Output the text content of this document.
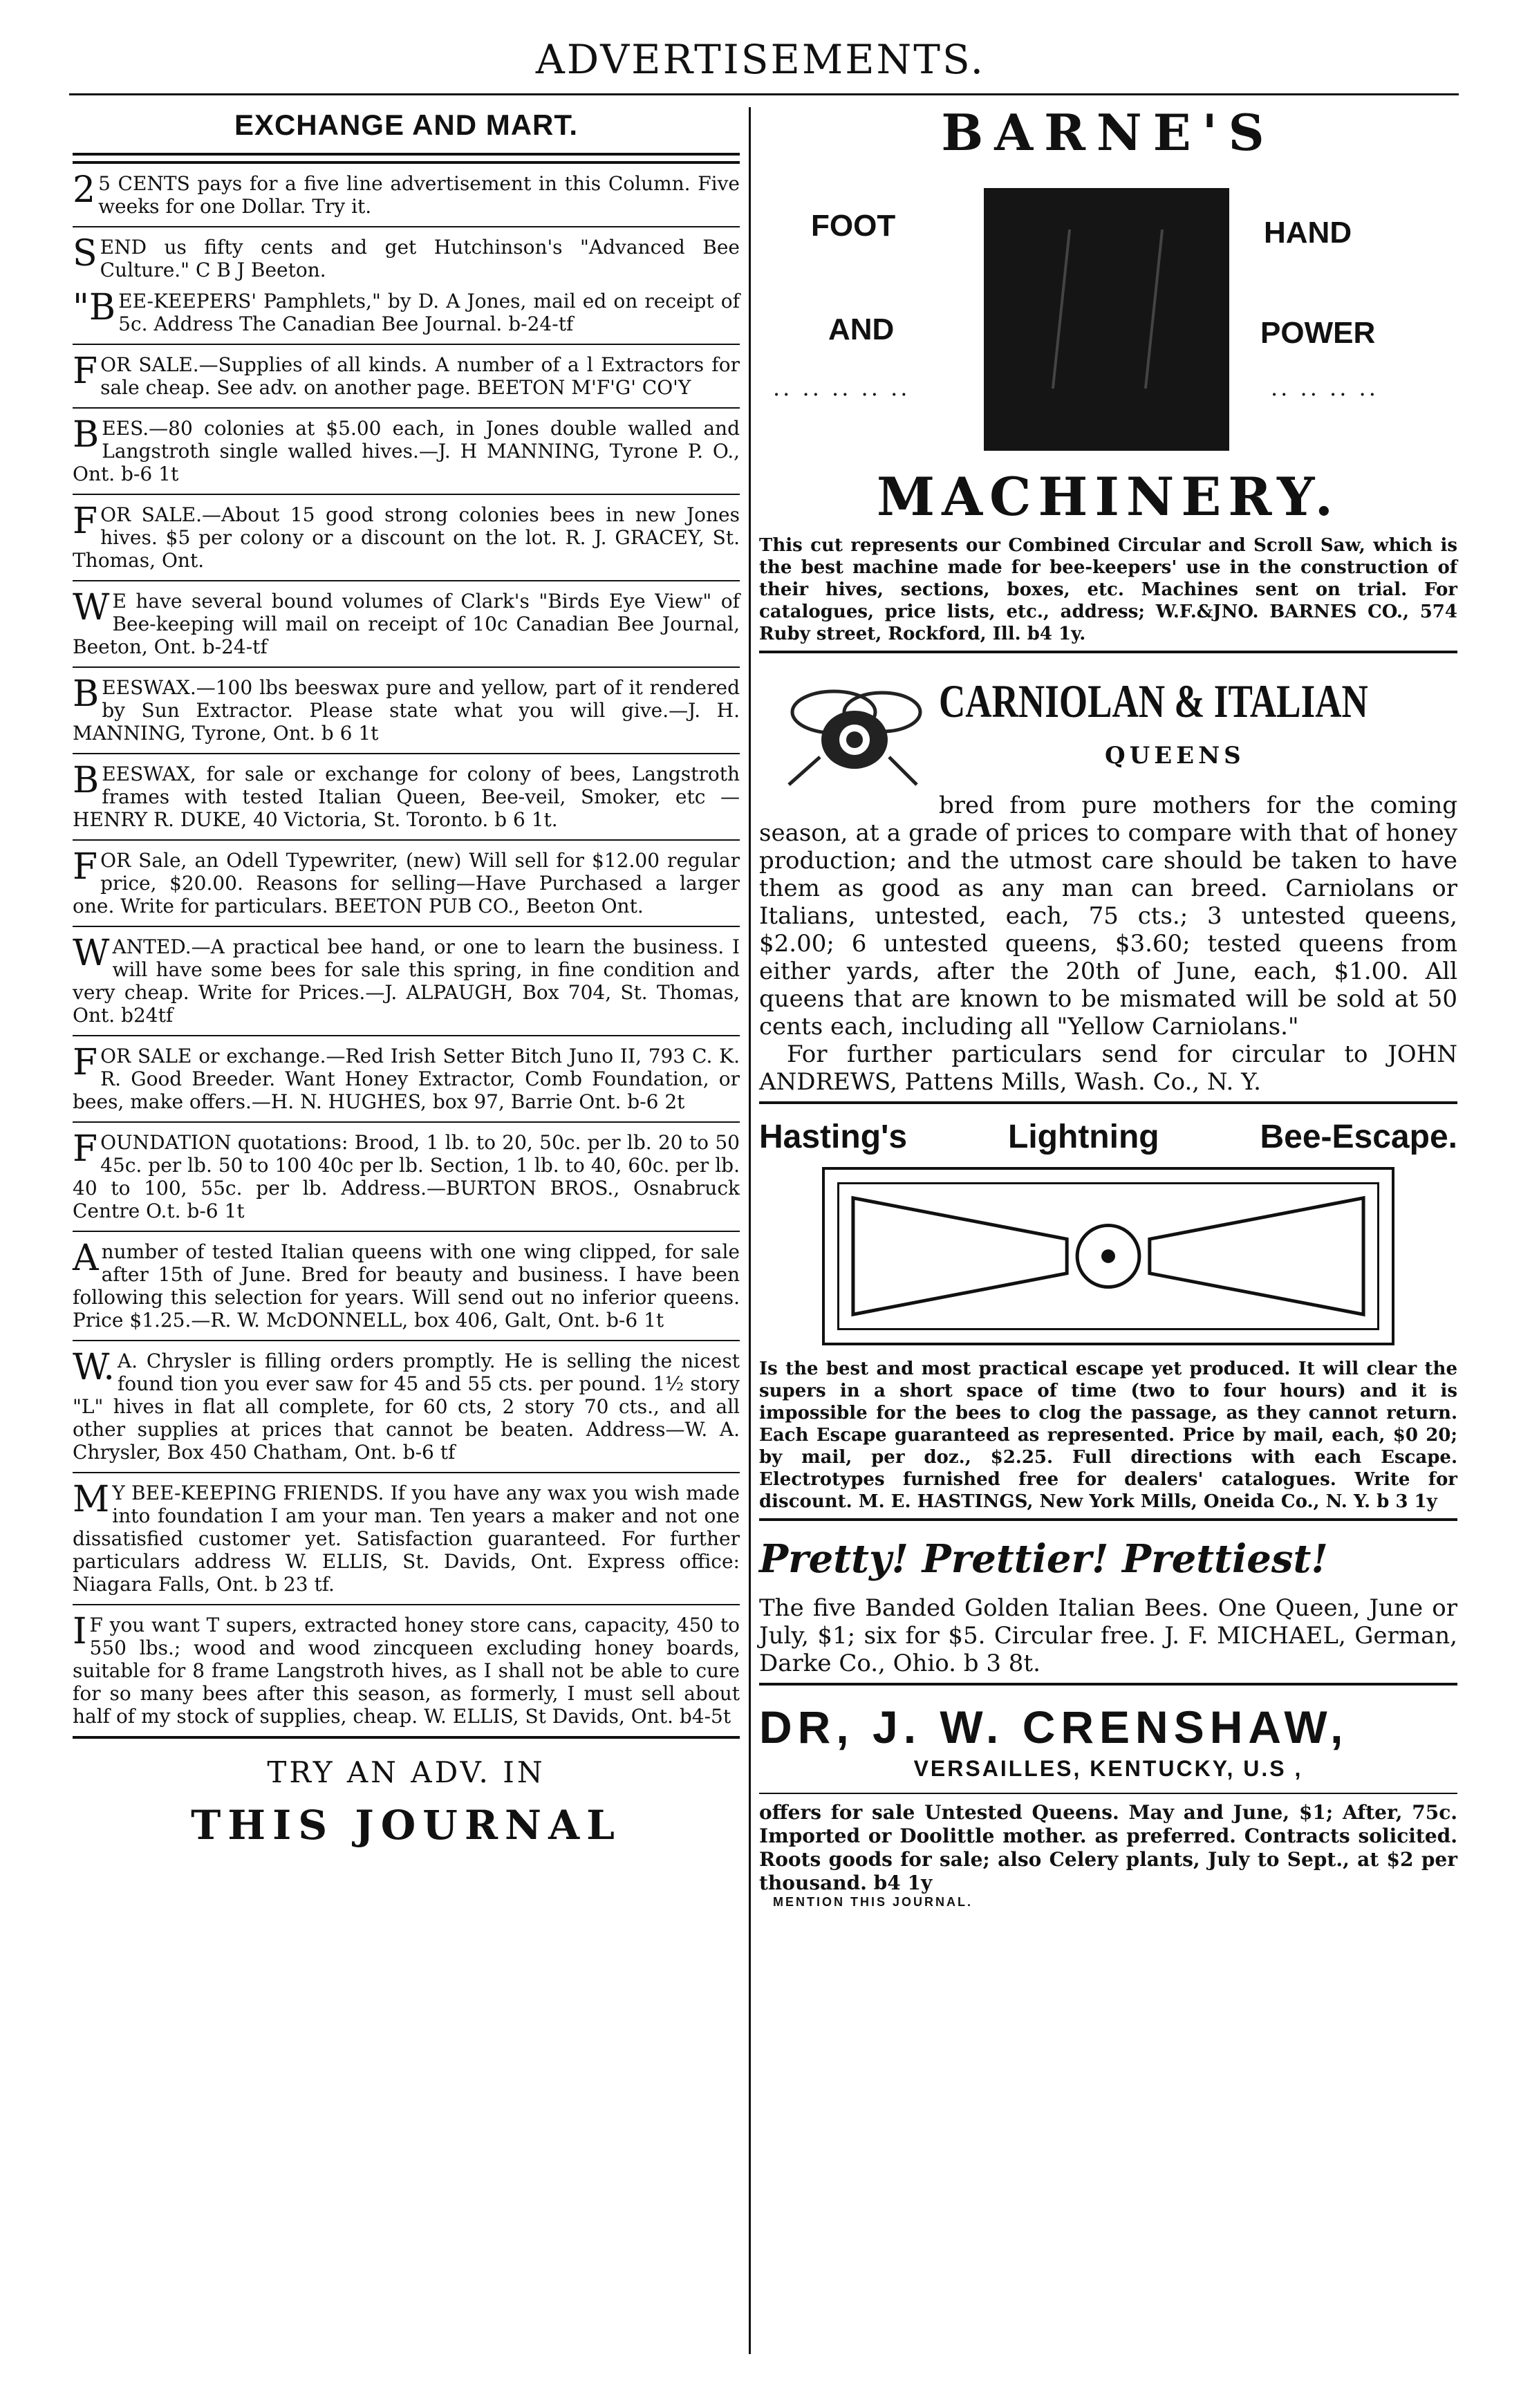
ADVERTISEMENTS.
EXCHANGE AND MART.
25 CENTS pays for a five line advertisement in this Column. Five weeks for one Dollar. Try it.
SEND us fifty cents and get Hutchinson's "Advanced Bee Culture." C B J Beeton.
"BEE-KEEPERS' Pamphlets," by D. A Jones, mail ed on receipt of 5c. Address The Canadian Bee Journal. b-24-tf
FOR SALE.—Supplies of all kinds. A number of a l Extractors for sale cheap. See adv. on another page. BEETON M'F'G' CO'Y
BEES.—80 colonies at $5.00 each, in Jones double walled and Langstroth single walled hives.—J. H MANNING, Tyrone P. O., Ont. b-6 1t
FOR SALE.—About 15 good strong colonies bees in new Jones hives. $5 per colony or a discount on the lot. R. J. GRACEY, St. Thomas, Ont.
WE have several bound volumes of Clark's "Birds Eye View" of Bee-keeping will mail on receipt of 10c Canadian Bee Journal, Beeton, Ont. b-24-tf
BEESWAX.—100 lbs beeswax pure and yellow, part of it rendered by Sun Extractor. Please state what you will give.—J. H. MANNING, Tyrone, Ont. b 6 1t
BEESWAX, for sale or exchange for colony of bees, Langstroth frames with tested Italian Queen, Bee-veil, Smoker, etc —HENRY R. DUKE, 40 Victoria, St. Toronto. b 6 1t.
FOR Sale, an Odell Typewriter, (new) Will sell for $12.00 regular price, $20.00. Reasons for selling—Have Purchased a larger one. Write for particulars. BEETON PUB CO., Beeton Ont.
WANTED.—A practical bee hand, or one to learn the business. I will have some bees for sale this spring, in fine condition and very cheap. Write for Prices.—J. ALPAUGH, Box 704, St. Thomas, Ont. b24tf
FOR SALE or exchange.—Red Irish Setter Bitch Juno II, 793 C. K. R. Good Breeder. Want Honey Extractor, Comb Foundation, or bees, make offers.—H. N. HUGHES, box 97, Barrie Ont. b-6 2t
FOUNDATION quotations: Brood, 1 lb. to 20, 50c. per lb. 20 to 50 45c. per lb. 50 to 100 40c per lb. Section, 1 lb. to 40, 60c. per lb. 40 to 100, 55c. per lb. Address.—BURTON BROS., Osnabruck Centre O.t. b-6 1t
Anumber of tested Italian queens with one wing clipped, for sale after 15th of June. Bred for beauty and business. I have been following this selection for years. Will send out no inferior queens. Price $1.25.—R. W. McDONNELL, box 406, Galt, Ont. b-6 1t
W.A. Chrysler is filling orders promptly. He is selling the nicest found tion you ever saw for 45 and 55 cts. per pound. 1½ story "L" hives in flat all complete, for 60 cts, 2 story 70 cts., and all other supplies at prices that cannot be beaten. Address—W. A. Chrysler, Box 450 Chatham, Ont. b-6 tf
MY BEE-KEEPING FRIENDS. If you have any wax you wish made into foundation I am your man. Ten years a maker and not one dissatisfied customer yet. Satisfaction guaranteed. For further particulars address W. ELLIS, St. Davids, Ont. Express office: Niagara Falls, Ont. b 23 tf.
IF you want T supers, extracted honey store cans, capacity, 450 to 550 lbs.; wood and wood zincqueen excluding honey boards, suitable for 8 frame Langstroth hives, as I shall not be able to cure for so many bees after this season, as formerly, I must sell about half of my stock of supplies, cheap. W. ELLIS, St Davids, Ont. b4-5t
TRY AN ADV. IN
THIS JOURNAL
BARNE'S
FOOT
AND
.. .. .. .. ..
HAND
POWER
.. .. .. ..
MACHINERY.
This cut represents our Combined Circular and Scroll Saw, which is the best machine made for bee-keepers' use in the construction of their hives, sections, boxes, etc. Machines sent on trial. For catalogues, price lists, etc., address; W.F.&JNO. BARNES CO., 574 Ruby street, Rockford, Ill. b4 1y.
CARNIOLAN & ITALIAN
QUEENS
bred from pure mothers for the coming season, at a grade of prices to compare with that of honey production; and the utmost care should be taken to have them as good as any man can breed. Carniolans or Italians, untested, each, 75 cts.; 3 untested queens, $2.00; 6 untested queens, $3.60; tested queens from either yards, after the 20th of June, each, $1.00. All queens that are known to be mismated will be sold at 50 cents each, including all "Yellow Carniolans."
For further particulars send for circular to JOHN ANDREWS, Pattens Mills, Wash. Co., N. Y.
Hasting's	Lightning	Bee-Escape.
Is the best and most practical escape yet produced. It will clear the supers in a short space of time (two to four hours) and it is impossible for the bees to clog the passage, as they cannot return. Each Escape guaranteed as represented. Price by mail, each, $0 20; by mail, per doz., $2.25. Full directions with each Escape. Electrotypes furnished free for dealers' catalogues. Write for discount. M. E. HASTINGS, New York Mills, Oneida Co., N. Y. b 3 1y
Pretty! Prettier! Prettiest!
The five Banded Golden Italian Bees. One Queen, June or July, $1; six for $5. Circular free. J. F. MICHAEL, German, Darke Co., Ohio. b 3 8t.
DR, J. W. CRENSHAW,
VERSAILLES, KENTUCKY, U.S ,
offers for sale Untested Queens. May and June, $1; After, 75c. Imported or Doolittle mother. as preferred. Contracts solicited. Roots goods for sale; also Celery plants, July to Sept., at $2 per thousand. b4 1y
MENTION THIS JOURNAL.
